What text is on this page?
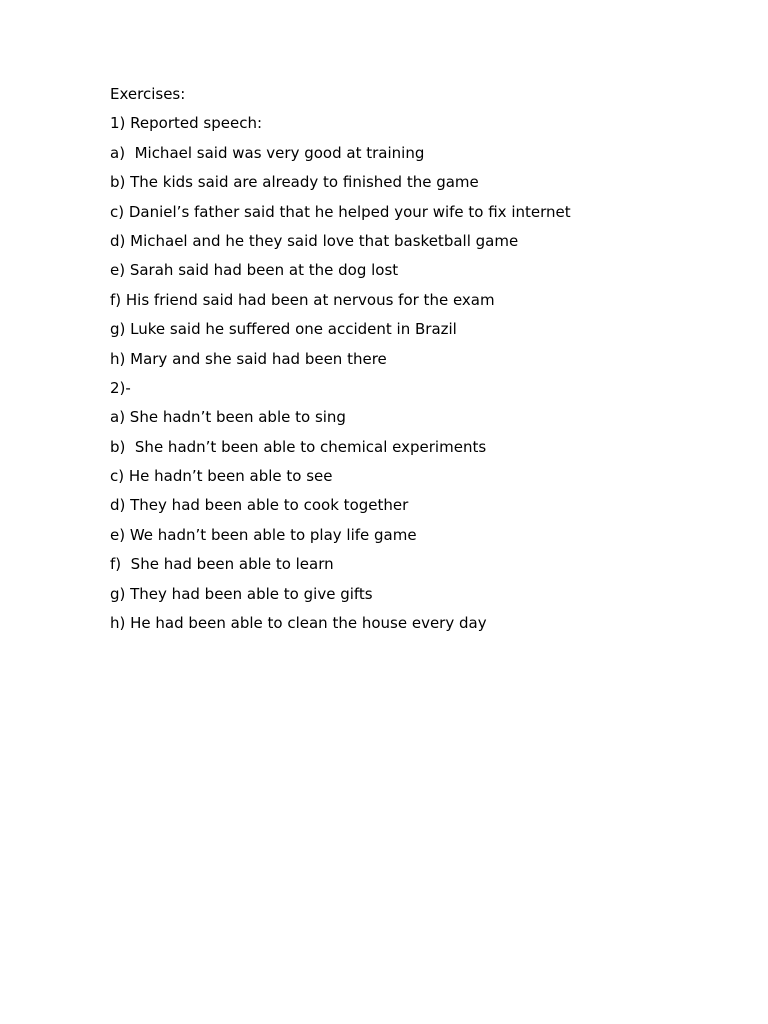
Exercises:

1) Reported speech:

a)  Michael said was very good at training

b) The kids said are already to finished the game

c) Daniel’s father said that he helped your wife to fix internet

d) Michael and he they said love that basketball game

e) Sarah said had been at the dog lost

f) His friend said had been at nervous for the exam

g) Luke said he suffered one accident in Brazil

h) Mary and she said had been there

2)-

a) She hadn’t been able to sing

b)  She hadn’t been able to chemical experiments

c) He hadn’t been able to see

d) They had been able to cook together

e) We hadn’t been able to play life game

f)  She had been able to learn

g) They had been able to give gifts

h) He had been able to clean the house every day
